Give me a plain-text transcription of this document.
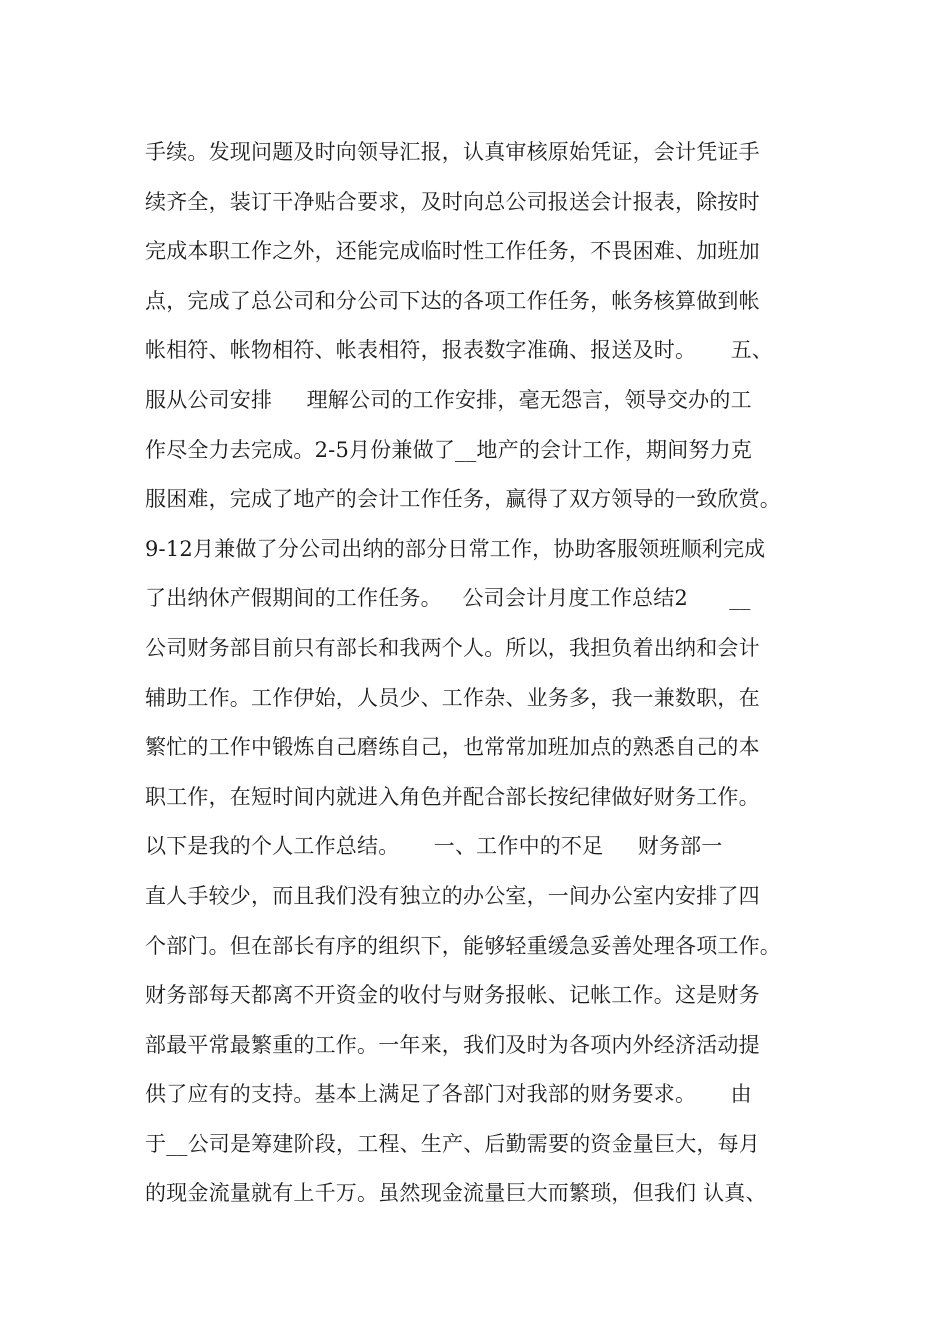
手续。发现问题及时向领导汇报，认真审核原始凭证，会计凭证手
续齐全，装订干净贴合要求，及时向总公司报送会计报表，除按时
完成本职工作之外，还能完成临时性工作任务，不畏困难、加班加
点，完成了总公司和分公司下达的各项工作任务，帐务核算做到帐
帐相符、帐物相符、帐表相符，报表数字准确、报送及时。     五、
服从公司安排     理解公司的工作安排，毫无怨言，领导交办的工
作尽全力去完成。2-5月份兼做了__地产的会计工作，期间努力克
服困难，完成了地产的会计工作任务，赢得了双方领导的一致欣赏。
9-12月兼做了分公司出纳的部分日常工作，协助客服领班顺利完成
了出纳休产假期间的工作任务。   公司会计月度工作总结2      __
公司财务部目前只有部长和我两个人。所以，我担负着出纳和会计
辅助工作。工作伊始，人员少、工作杂、业务多，我一兼数职，在
繁忙的工作中锻炼自己磨练自己，也常常加班加点的熟悉自己的本
职工作，在短时间内就进入角色并配合部长按纪律做好财务工作。
以下是我的个人工作总结。     一、工作中的不足     财务部一
直人手较少，而且我们没有独立的办公室，一间办公室内安排了四
个部门。但在部长有序的组织下，能够轻重缓急妥善处理各项工作。
财务部每天都离不开资金的收付与财务报帐、记帐工作。这是财务
部最平常最繁重的工作。一年来，我们及时为各项内外经济活动提
供了应有的支持。基本上满足了各部门对我部的财务要求。     由
于__公司是筹建阶段，工程、生产、后勤需要的资金量巨大，每月
的现金流量就有上千万。虽然现金流量巨大而繁琐，但我们 认真、
